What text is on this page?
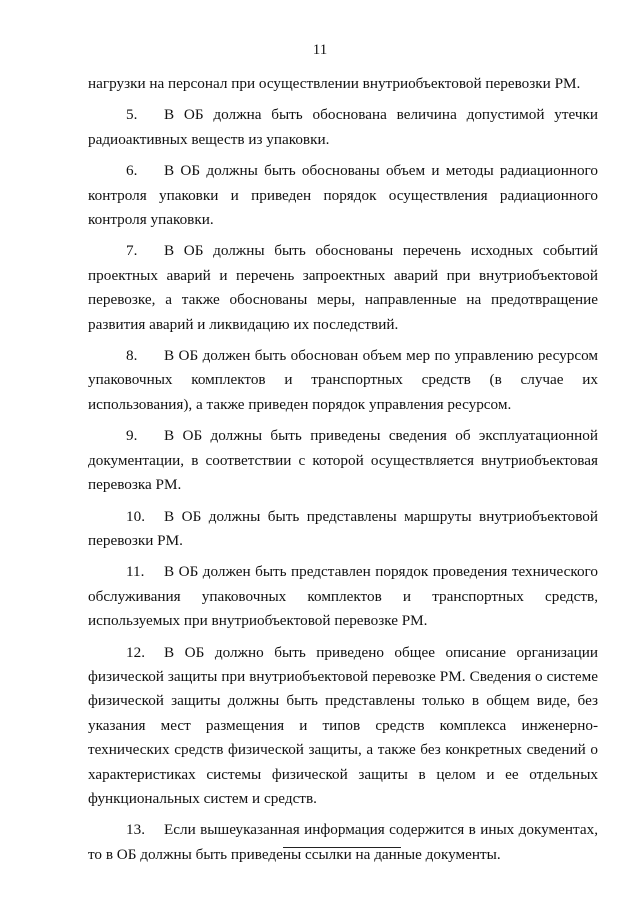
11

нагрузки на персонал при осуществлении внутриобъектовой перевозки РМ.

5. В ОБ должна быть обоснована величина допустимой утечки радиоактивных веществ из упаковки.

6. В ОБ должны быть обоснованы объем и методы радиационного контроля упаковки и приведен порядок осуществления радиационного контроля упаковки.

7. В ОБ должны быть обоснованы перечень исходных событий проектных аварий и перечень запроектных аварий при внутриобъектовой перевозке, а также обоснованы меры, направленные на предотвращение развития аварий и ликвидацию их последствий.

8. В ОБ должен быть обоснован объем мер по управлению ресурсом упаковочных комплектов и транспортных средств (в случае их использования), а также приведен порядок управления ресурсом.

9. В ОБ должны быть приведены сведения об эксплуатационной документации, в соответствии с которой осуществляется внутриобъектовая перевозка РМ.

10. В ОБ должны быть представлены маршруты внутриобъектовой перевозки РМ.

11. В ОБ должен быть представлен порядок проведения технического обслуживания упаковочных комплектов и транспортных средств, используемых при внутриобъектовой перевозке РМ.

12. В ОБ должно быть приведено общее описание организации физической защиты при внутриобъектовой перевозке РМ. Сведения о системе физической защиты должны быть представлены только в общем виде, без указания мест размещения и типов средств комплекса инженерно-технических средств физической защиты, а также без конкретных сведений о характеристиках системы физической защиты в целом и ее отдельных функциональных систем и средств.

13. Если вышеуказанная информация содержится в иных документах, то в ОБ должны быть приведены ссылки на данные документы.
